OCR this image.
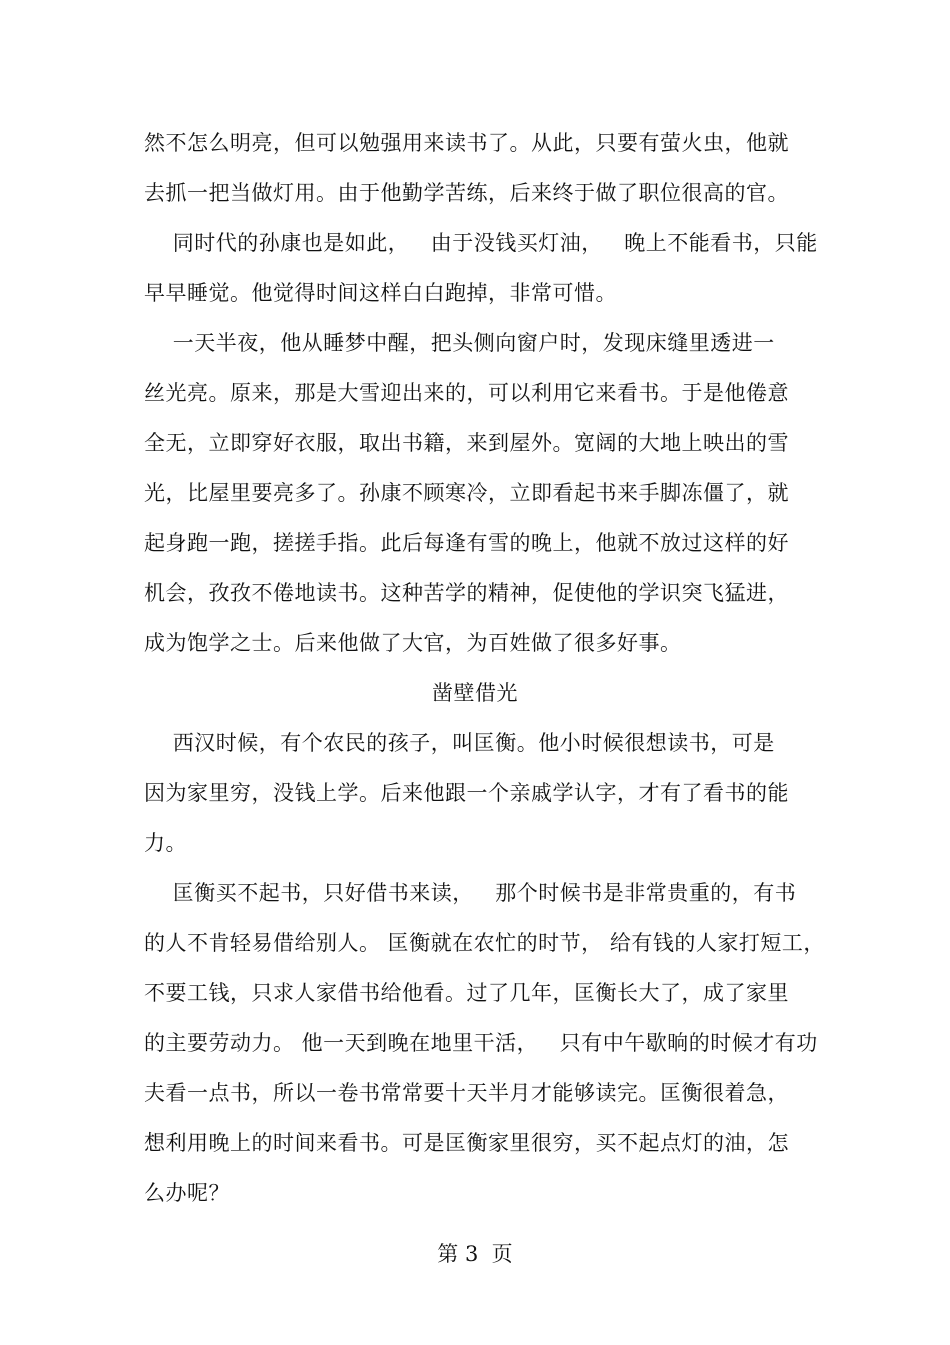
然不怎么明亮，但可以勉强用来读书了。从此，只要有萤火虫，他就
去抓一把当做灯用。由于他勤学苦练，后来终于做了职位很高的官。
同时代的孙康也是如此，   由于没钱买灯油，   晚上不能看书，只能
早早睡觉。他觉得时间这样白白跑掉，非常可惜。
一天半夜，他从睡梦中醒，把头侧向窗户时，发现床缝里透进一
丝光亮。原来，那是大雪迎出来的，可以利用它来看书。于是他倦意
全无，立即穿好衣服，取出书籍，来到屋外。宽阔的大地上映出的雪
光，比屋里要亮多了。孙康不顾寒冷，立即看起书来手脚冻僵了，就
起身跑一跑，搓搓手指。此后每逢有雪的晚上，他就不放过这样的好
机会，孜孜不倦地读书。这种苦学的精神，促使他的学识突飞猛进，
成为饱学之士。后来他做了大官，为百姓做了很多好事。
凿壁借光
西汉时候，有个农民的孩子，叫匡衡。他小时候很想读书，可是
因为家里穷，没钱上学。后来他跟一个亲戚学认字，才有了看书的能
力。
匡衡买不起书，只好借书来读，   那个时候书是非常贵重的，有书
的人不肯轻易借给别人。 匡衡就在农忙的时节， 给有钱的人家打短工，
不要工钱，只求人家借书给他看。过了几年，匡衡长大了，成了家里
的主要劳动力。 他一天到晚在地里干活，   只有中午歇晌的时候才有功
夫看一点书，所以一卷书常常要十天半月才能够读完。匡衡很着急，
想利用晚上的时间来看书。可是匡衡家里很穷，买不起点灯的油，怎
么办呢？
第 3  页
